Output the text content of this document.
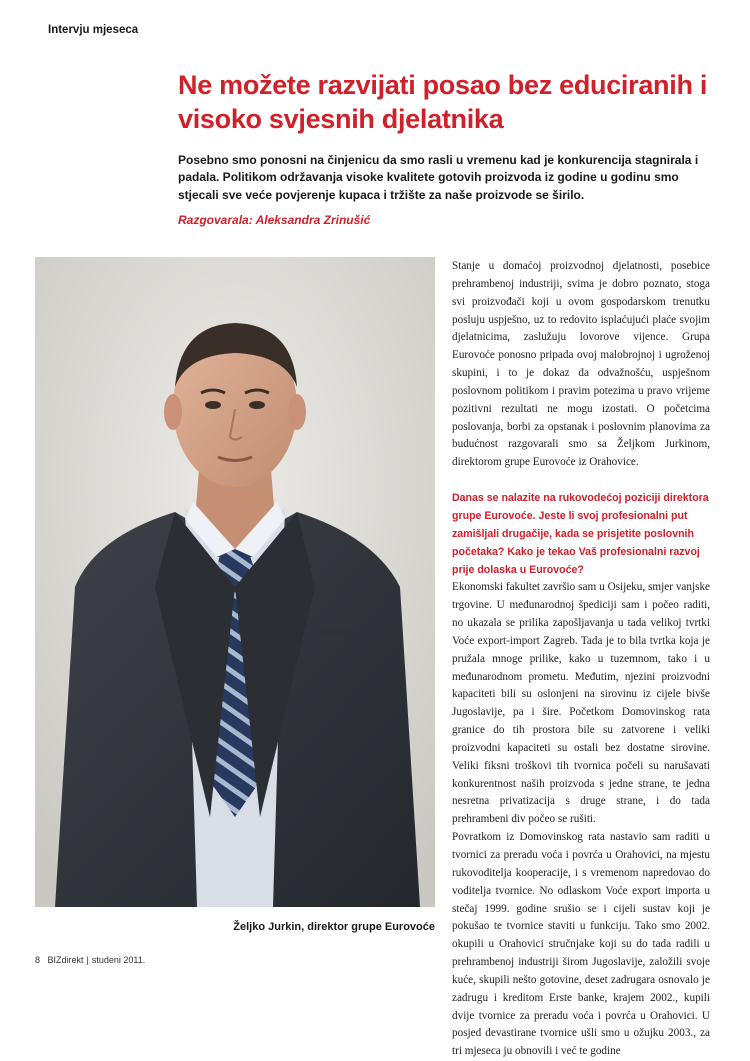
Intervju mjeseca
Ne možete razvijati posao bez educiranih i visoko svjesnih djelatnika

Posebno smo ponosni na činjenicu da smo rasli u vremenu kad je konkurencija stagnirala i padala. Politikom održavanja visoke kvalitete gotovih proizvoda iz godine u godinu smo stjecali sve veće povjerenje kupaca i tržište za naše proizvode se širilo.

Razgovarala: Aleksandra Zrinušić
Željko Jurkin, direktor grupe Eurovoće

Stanje u domaćoj proizvodnoj djelatnosti, posebice prehrambenoj industriji, svima je dobro poznato, stoga svi proizvođači koji u ovom gospodarskom trenutku posluju uspješno, uz to redovito isplaćujući plaće svojim djelatnicima, zaslužuju lovorove vijence. Grupa Eurovoće ponosno pripada ovoj malobrojnoj i ugroženoj skupini, i to je dokaz da odvažnošću, uspješnom poslovnom politikom i pravim potezima u pravo vrijeme pozitivni rezultati ne mogu izostati. O početcima poslovanja, borbi za opstanak i poslovnim planovima za budućnost razgovarali smo sa Željkom Jurkinom, direktorom grupe Eurovoće iz Orahovice.

Danas se nalazite na rukovodećoj poziciji direktora grupe Eurovoće. Jeste li svoj profesionalni put zamišljali drugačije, kada se prisjetite poslovnih početaka? Kako je tekao Vaš profesionalni razvoj prije dolaska u Eurovoće?

Ekonomski fakultet završio sam u Osijeku, smjer vanjske trgovine. U međunarodnoj špediciji sam i počeo raditi, no ukazala se prilika zapošljavanja u tada velikoj tvrtki Voće export-import Zagreb. Tada je to bila tvrtka koja je pružala mnoge prilike, kako u tuzemnom, tako i u međunarodnom prometu. Međutim, njezini proizvodni kapaciteti bili su oslonjeni na sirovinu iz cijele bivše Jugoslavije, pa i šire. Početkom Domovinskog rata granice do tih prostora bile su zatvorene i veliki proizvodni kapaciteti su ostali bez dostatne sirovine. Veliki fiksni troškovi tih tvornica počeli su narušavati konkurentnost naših proizvoda s jedne strane, te jedna nesretna privatizacija s druge strane, i do tada prehrambeni div počeo se rušiti.

Povratkom iz Domovinskog rata nastavio sam raditi u tvornici za preradu voća i povrća u Orahovici, na mjestu rukovoditelja kooperacije, i s vremenom napredovao do voditelja tvornice. No odlaskom Voće export importa u stečaj 1999. godine srušio se i cijeli sustav koji je pokušao te tvornice staviti u funkciju. Tako smo 2002. okupili u Orahovici stručnjake koji su do tada radili u prehrambenoj industriji širom Jugoslavije, založili svoje kuće, skupili nešto gotovine, deset zadrugara osnovalo je zadrugu i kreditom Erste banke, krajem 2002., kupili dvije tvornice za preradu voća i povrća u Orahovici. U posjed devastirane tvornice ušli smo u ožujku 2003., za tri mjeseca ju obnovili i već te godine

8 BIZdirekt | studeni 2011.
